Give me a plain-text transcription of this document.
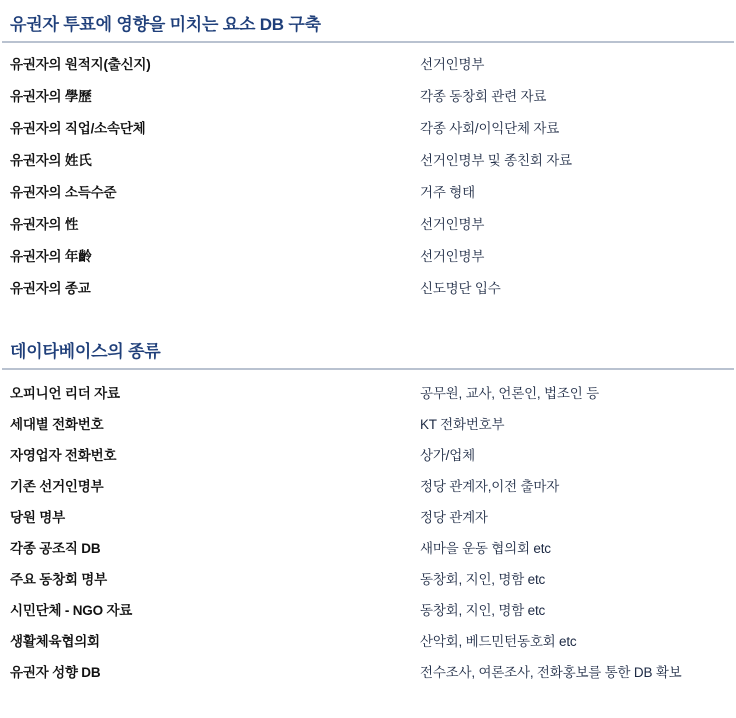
유권자 투표에 영향을 미치는 요소 DB 구축
유권자의 원적지(출신지)	선거인명부
유권자의 學歷	각종 동창회 관련 자료
유권자의 직업/소속단체	각종 사회/이익단체 자료
유권자의 姓氏	선거인명부 및 종친회 자료
유권자의 소득수준	거주 형태
유권자의 性	선거인명부
유권자의 年齡	선거인명부
유권자의 종교	신도명단 입수
데이타베이스의 종류
오피니언 리더 자료	공무원, 교사, 언론인, 법조인 등
세대별 전화번호	KT 전화번호부
자영업자 전화번호	상가/업체
기존 선거인명부	정당 관계자,이전 출마자
당원 명부	정당 관계자
각종 공조직 DB	새마을 운동 협의회 etc
주요 동창회 명부	동창회, 지인, 명함 etc
시민단체 - NGO 자료	동창회, 지인, 명함 etc
생활체육협의회	산악회, 베드민턴동호회 etc
유권자 성향 DB	전수조사, 여론조사, 전화홍보를 통한 DB 확보
